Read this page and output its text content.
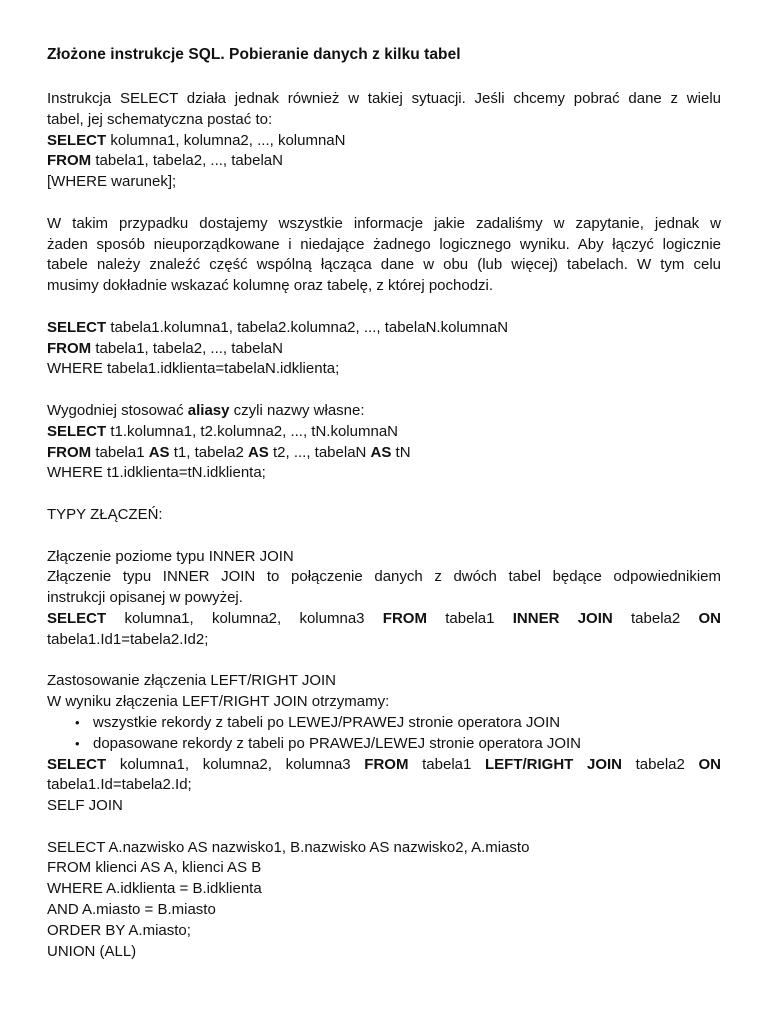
Złożone instrukcje SQL. Pobieranie danych z kilku tabel
Instrukcja SELECT działa jednak również w takiej sytuacji. Jeśli chcemy pobrać dane z wielu
tabel, jej schematyczna postać to:
SELECT kolumna1, kolumna2, ..., kolumnaN
FROM tabela1, tabela2, ..., tabelaN
[WHERE warunek];
W takim przypadku dostajemy wszystkie informacje jakie zadaliśmy w zapytanie, jednak w
żaden sposób nieuporządkowane i niedające żadnego logicznego wyniku. Aby łączyć logicznie
tabele należy znaleźć część wspólną łącząca dane w obu (lub więcej) tabelach. W tym celu
musimy dokładnie wskazać kolumnę oraz tabelę, z której pochodzi.
SELECT tabela1.kolumna1, tabela2.kolumna2, ..., tabelaN.kolumnaN
FROM tabela1, tabela2, ..., tabelaN
WHERE tabela1.idklienta=tabelaN.idklienta;
Wygodniej stosować aliasy czyli nazwy własne:
SELECT t1.kolumna1, t2.kolumna2, ..., tN.kolumnaN
FROM tabela1 AS t1, tabela2 AS t2, ..., tabelaN AS tN
WHERE t1.idklienta=tN.idklienta;
TYPY ZŁĄCZEŃ:
Złączenie poziome typu INNER JOIN
Złączenie typu INNER JOIN to połączenie danych z dwóch tabel będące odpowiednikiem
instrukcji opisanej w powyżej.
SELECT kolumna1, kolumna2, kolumna3 FROM tabela1 INNER JOIN tabela2 ON
tabela1.Id1=tabela2.Id2;
Zastosowanie złączenia LEFT/RIGHT JOIN
W wyniku złączenia LEFT/RIGHT JOIN otrzymamy:
• wszystkie rekordy z tabeli po LEWEJ/PRAWEJ stronie operatora JOIN
• dopasowane rekordy z tabeli po PRAWEJ/LEWEJ stronie operatora JOIN
SELECT kolumna1, kolumna2, kolumna3 FROM tabela1 LEFT/RIGHT JOIN tabela2 ON
tabela1.Id=tabela2.Id;
SELF JOIN
SELECT A.nazwisko AS nazwisko1, B.nazwisko AS nazwisko2, A.miasto
FROM klienci AS A, klienci AS B
WHERE A.idklienta = B.idklienta
AND A.miasto = B.miasto
ORDER BY A.miasto;
UNION (ALL)
